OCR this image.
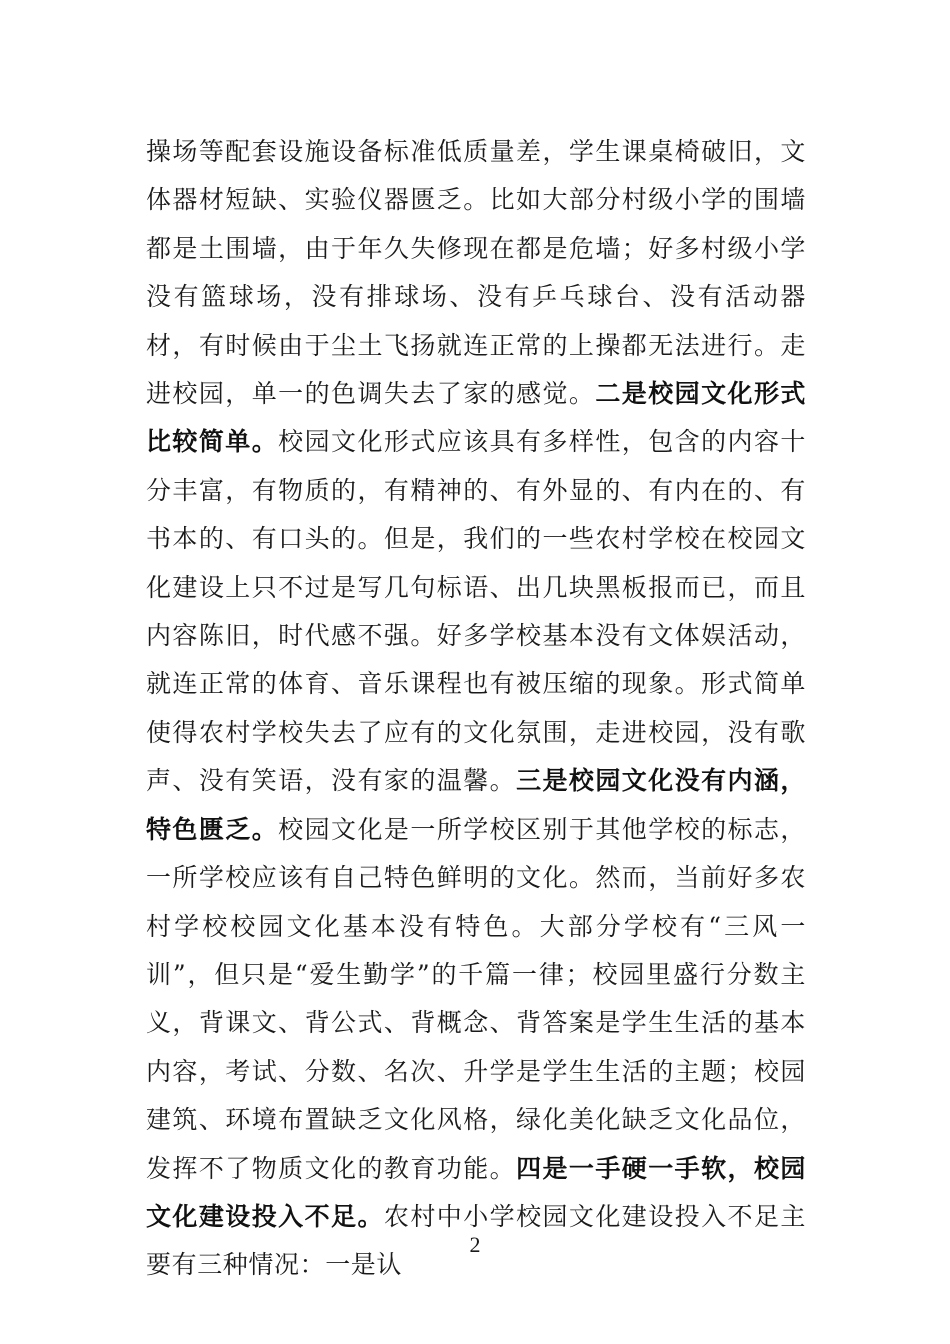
操场等配套设施设备标准低质量差，学生课桌椅破旧，文体器材短缺、实验仪器匮乏。比如大部分村级小学的围墙都是土围墙，由于年久失修现在都是危墙；好多村级小学没有篮球场，没有排球场、没有乒乓球台、没有活动器材，有时候由于尘土飞扬就连正常的上操都无法进行。走进校园，单一的色调失去了家的感觉。二是校园文化形式比较简单。校园文化形式应该具有多样性，包含的内容十分丰富，有物质的，有精神的、有外显的、有内在的、有书本的、有口头的。但是，我们的一些农村学校在校园文化建设上只不过是写几句标语、出几块黑板报而已，而且内容陈旧，时代感不强。好多学校基本没有文体娱活动，就连正常的体育、音乐课程也有被压缩的现象。形式简单使得农村学校失去了应有的文化氛围，走进校园，没有歌声、没有笑语，没有家的温馨。三是校园文化没有内涵，特色匮乏。校园文化是一所学校区别于其他学校的标志，一所学校应该有自己特色鲜明的文化。然而，当前好多农村学校校园文化基本没有特色。大部分学校有“三风一训”，但只是“爱生勤学”的千篇一律；校园里盛行分数主义，背课文、背公式、背概念、背答案是学生生活的基本内容，考试、分数、名次、升学是学生生活的主题；校园建筑、环境布置缺乏文化风格，绿化美化缺乏文化品位，发挥不了物质文化的教育功能。四是一手硬一手软，校园文化建设投入不足。农村中小学校园文化建设投入不足主要有三种情况：一是认

2
